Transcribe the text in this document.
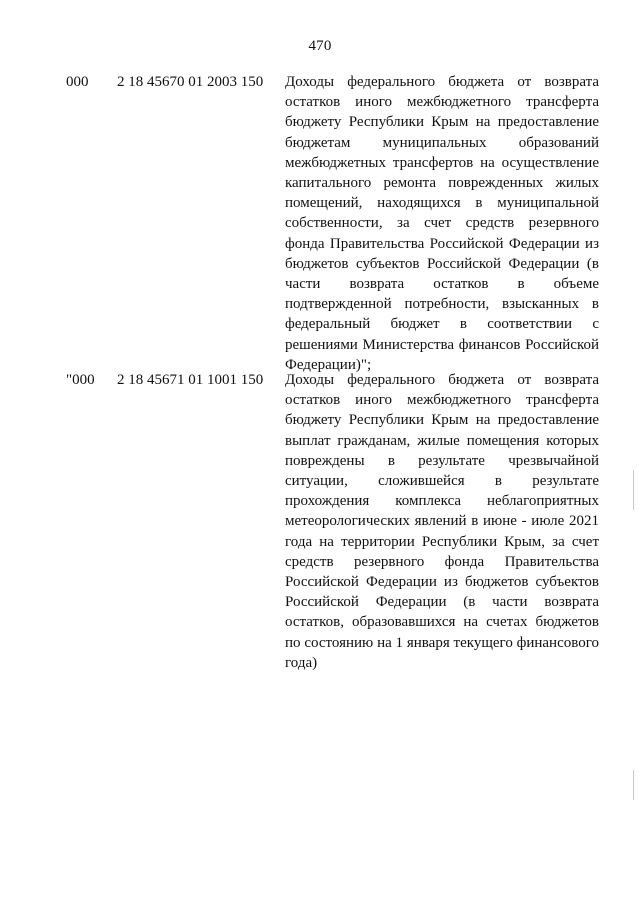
470
000 2 18 45670 01 2003 150 Доходы федерального бюджета от возврата остатков иного межбюджетного трансферта бюджету Республики Крым на предоставление бюджетам муниципальных образований межбюджетных трансфертов на осуществление капитального ремонта поврежденных жилых помещений, находящихся в муниципальной собственности, за счет средств резервного фонда Правительства Российской Федерации из бюджетов субъектов Российской Федерации (в части возврата остатков в объеме подтвержденной потребности, взысканных в федеральный бюджет в соответствии с решениями Министерства финансов Российской Федерации)";
"000 2 18 45671 01 1001 150 Доходы федерального бюджета от возврата остатков иного межбюджетного трансферта бюджету Республики Крым на предоставление выплат гражданам, жилые помещения которых повреждены в результате чрезвычайной ситуации, сложившейся в результате прохождения комплекса неблагоприятных метеорологических явлений в июне - июле 2021 года на территории Республики Крым, за счет средств резервного фонда Правительства Российской Федерации из бюджетов субъектов Российской Федерации (в части возврата остатков, образовавшихся на счетах бюджетов по состоянию на 1 января текущего финансового года)
